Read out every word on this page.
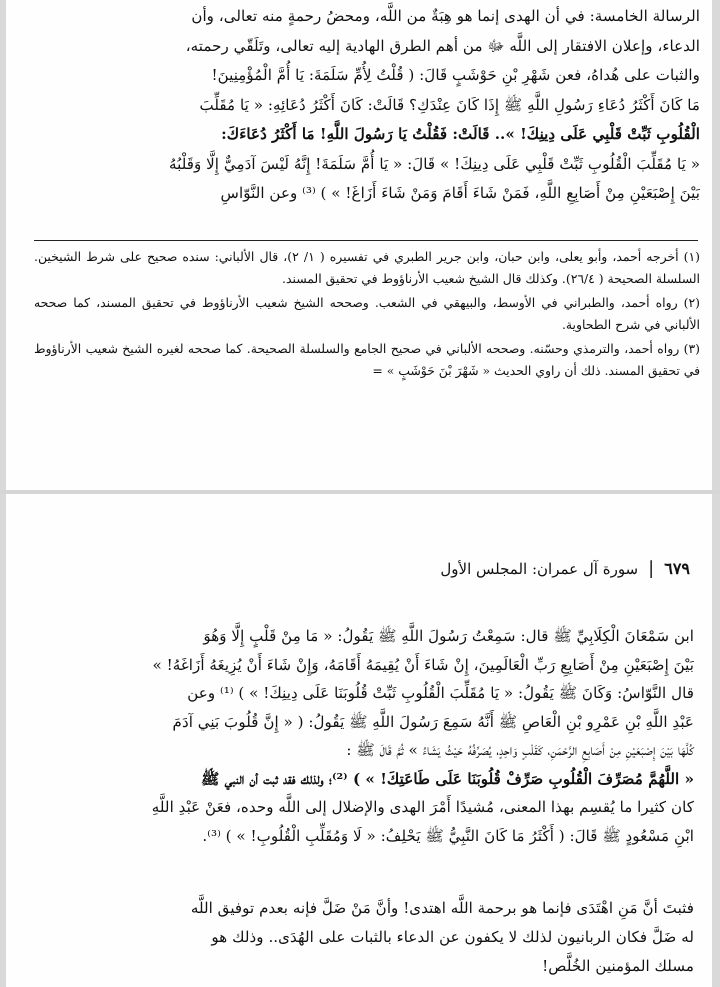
الرسالة الخامسة: في أن الهدى إنما هو هِبَةٌ من اللَّه، ومحضُ رحمةٍ منه تعالى، وأن

الدعاء، وإعلان الافتقار إلى اللَّه ﷻ من أهم الطرق الهادية إليه تعالى، وتَلَقّي رحمته،

والثبات على هُداهُ، فعن شَهْرِ بْنِ حَوْشَبٍ قَالَ: ( قُلْتُ لِأُمِّ سَلَمَةَ: يَا أُمَّ الْمُؤْمِنِينَ!

مَا كَانَ أَكْثَرُ دُعَاءِ رَسُولِ اللَّهِ ﷺ إِذَا كَانَ عِنْدَكِ؟ قَالَتْ: كَانَ أَكْثَرُ دُعَائِهِ: « يَا مُقَلِّبَ

الْقُلُوبِ ثَبِّتْ قَلْبِي عَلَى دِينِكَ! ».. قَالَتْ: فَقُلْتُ يَا رَسُولَ اللَّهِ! مَا أَكْثَرُ دُعَاءَكَ:

« يَا مُقَلِّبَ الْقُلُوبِ ثَبِّتْ قَلْبِي عَلَى دِينِكَ! » قَالَ: « يَا أُمَّ سَلَمَةَ! إِنَّهُ لَيْسَ آدَمِيٌّ إِلَّا وَقَلْبُهُ

بَيْنَ إِصْبَعَيْنِ مِنْ أَصَابِعِ اللَّهِ، فَمَنْ شَاءَ أَقَامَ وَمَنْ شَاءَ أَزَاغَ! » ) ⁽³⁾ وعن النَّوّاسِ

(١) أخرجه أحمد، وأبو يعلى، وابن حبان، وابن جرير الطبري في تفسيره ( ١/ ٢)، قال الألباني: سنده صحيح على شرط الشيخين. السلسلة الصحيحة ( ٢٦/٤). وكذلك قال الشيخ شعيب الأرناؤوط في تحقيق المسند.

(٢) رواه أحمد، والطبراني في الأوسط، والبيهقي في الشعب. وصححه الشيخ شعيب الأرناؤوط في تحقيق المسند، كما صححه الألباني في شرح الطحاوية.

(٣) رواه أحمد، والترمذي وحسّنه. وصححه الألباني في صحيح الجامع والسلسلة الصحيحة. كما صححه لغيره الشيخ شعيب الأرناؤوط في تحقيق المسند. ذلك أن راوي الحديث « شَهْرَ بْنَ حَوْشَبٍ » =

٦٧٩
|
سورة آل عمران: المجلس الأول

ابن سَمْعَانَ الْكِلَابِيِّ ﷺ قال: سَمِعْتُ رَسُولَ اللَّهِ ﷺ يَقُولُ: « مَا مِنْ قَلْبٍ إِلَّا وَهُوَ

بَيْنَ إِصْبَعَيْنِ مِنْ أَصَابِعِ رَبِّ الْعَالَمِينَ، إِنْ شَاءَ أَنْ يُقِيمَهُ أَقَامَهُ، وَإِنْ شَاءَ أَنْ يُزِيغَهُ أَزَاغَهُ! »

قال النَّوّاسُ: وَكَانَ ﷺ يَقُولُ: « يَا مُقَلِّبَ الْقُلُوبِ ثَبِّتْ قُلُوبَنَا عَلَى دِينِكَ! » ) ⁽¹⁾ وعن

عَبْدِ اللَّهِ بْنِ عَمْرِو بْنِ الْعَاصِ ﷺ أَنَّهُ سَمِعَ رَسُولَ اللَّهِ ﷺ يَقُولُ: ( « إِنَّ قُلُوبَ بَنِي آدَمَ

كُلَّهَا بَيْنَ إِصْبَعَيْنِ مِنْ أَصَابِعِ الرَّحْمَنِ، كَقَلْبٍ وَاحِدٍ، يُصَرِّفُهُ حَيْثُ يَشَاءُ » ثُمَّ قَالَ ﷺ :

« اللَّهُمَّ مُصَرِّفَ الْقُلُوبِ صَرِّفْ قُلُوبَنَا عَلَى طَاعَتِكَ! » ) ⁽²⁾؛ ولذلك فقد ثبت أن النبي ﷺ

كان كثيرا ما يُقسِم بهذا المعنى، مُشيدًا أَمْرَ الهدى والإضلال إلى اللَّه وحده، فعَنْ عَبْدِ اللَّهِ

ابْنِ مَسْعُودٍ ﷺ قَالَ: ( أَكْثَرُ مَا كَانَ النَّبِيُّ ﷺ يَحْلِفُ: « لَا وَمُقَلِّبِ الْقُلُوبِ! » ) ⁽³⁾.

فثبتَ أنَّ مَنِ اهْتَدَى فإنما هو برحمة اللَّه اهتدى! وأنَّ مَنْ ضَلَّ فإنه بعدم توفيق اللَّه

له ضَلَّ فكان الربانيون لذلك لا يكفون عن الدعاء بالثبات على الهُدَى.. وذلك هو

مسلك المؤمنين الخُلَّص!
